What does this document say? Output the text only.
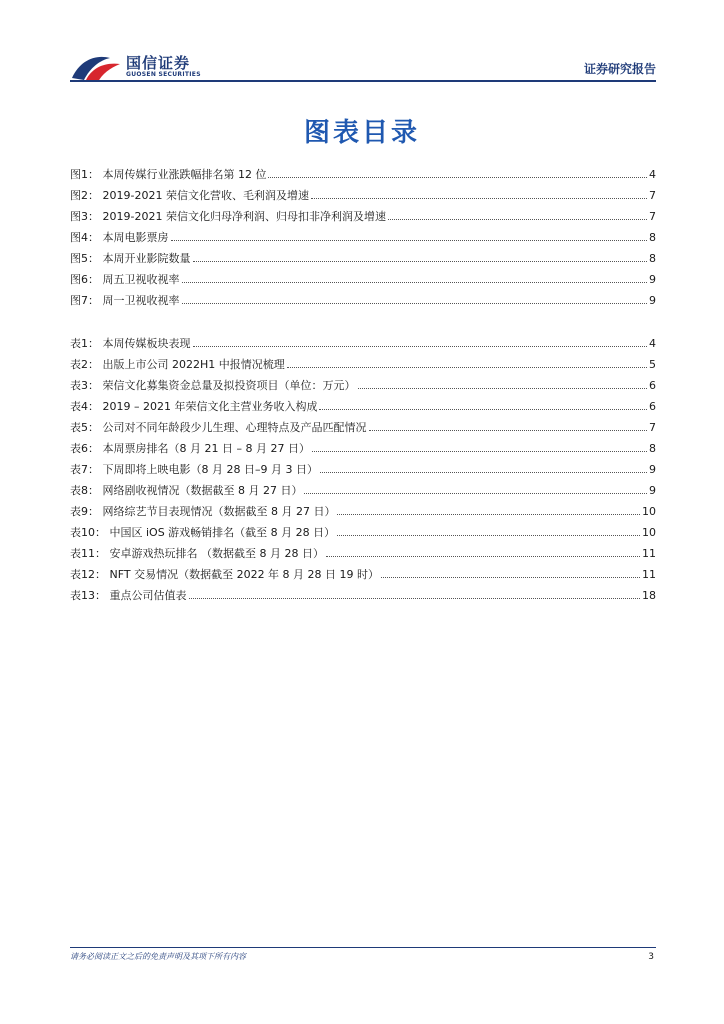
国信证券
GUOSEN SECURITIES	证券研究报告
图表目录
图1： 本周传媒行业涨跌幅排名第 12 位	4
图2： 2019-2021 荣信文化营收、毛利润及增速	7
图3： 2019-2021 荣信文化归母净利润、归母扣非净利润及增速	7
图4： 本周电影票房	8
图5： 本周开业影院数量	8
图6： 周五卫视收视率	9
图7： 周一卫视收视率	9
表1： 本周传媒板块表现	4
表2： 出版上市公司 2022H1 中报情况梳理	5
表3： 荣信文化募集资金总量及拟投资项目（单位：万元）	6
表4： 2019 – 2021 年荣信文化主营业务收入构成	6
表5： 公司对不同年龄段少儿生理、心理特点及产品匹配情况	7
表6： 本周票房排名（8 月 21 日 – 8 月 27 日）	8
表7： 下周即将上映电影（8 月 28 日–9 月 3 日）	9
表8： 网络剧收视情况（数据截至 8 月 27 日）	9
表9： 网络综艺节目表现情况（数据截至 8 月 27 日）	10
表10： 中国区 iOS 游戏畅销排名（截至 8 月 28 日）	10
表11： 安卓游戏热玩排名 （数据截至 8 月 28 日）	11
表12： NFT 交易情况（数据截至 2022 年 8 月 28 日 19 时）	11
表13： 重点公司估值表	18
请务必阅读正文之后的免责声明及其项下所有内容	3
